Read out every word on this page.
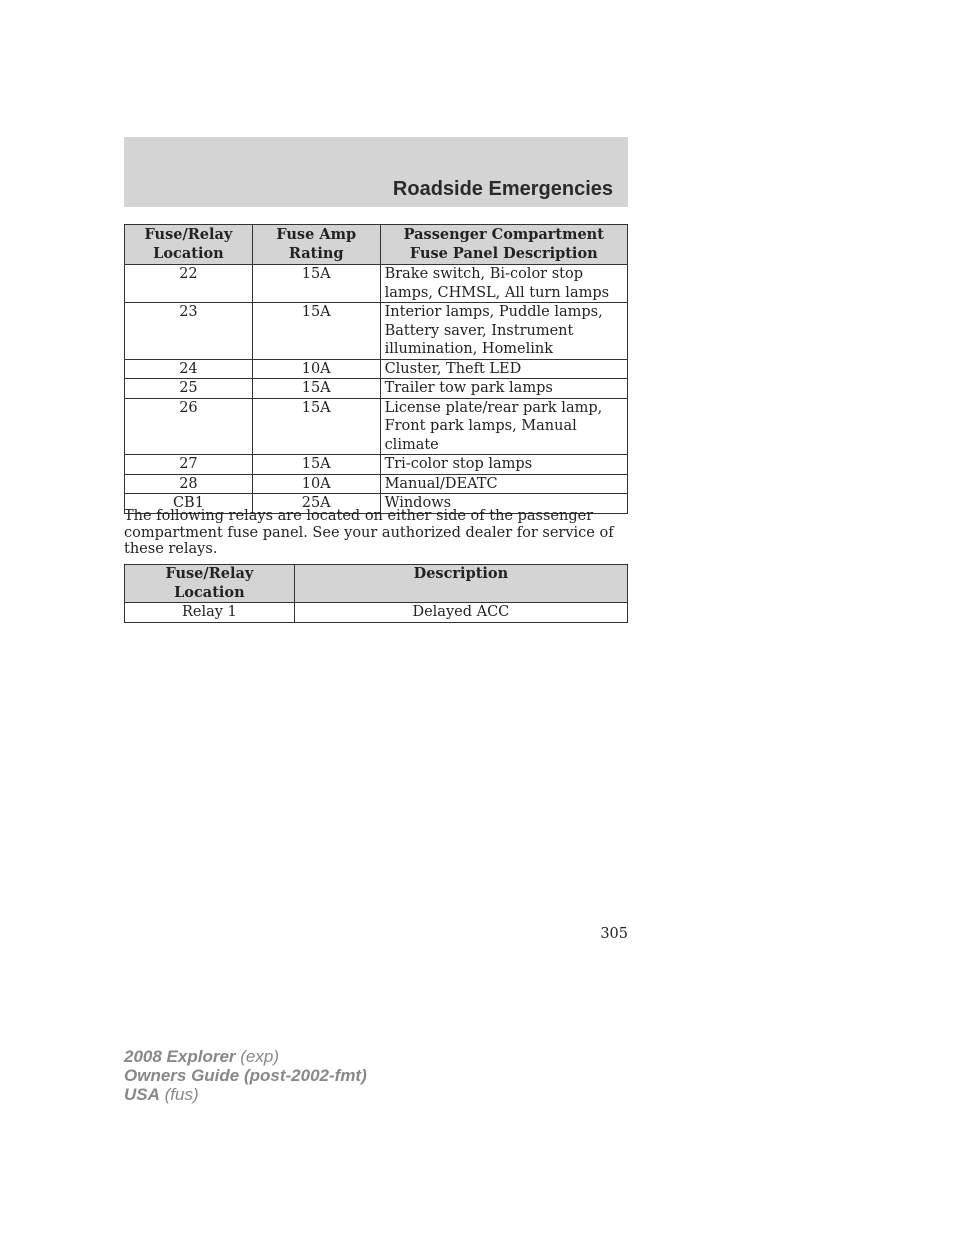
Roadside Emergencies
Fuse/Relay Location	Fuse Amp Rating	Passenger Compartment Fuse Panel Description
22	15A	Brake switch, Bi-color stop lamps, CHMSL, All turn lamps
23	15A	Interior lamps, Puddle lamps, Battery saver, Instrument illumination, Homelink
24	10A	Cluster, Theft LED
25	15A	Trailer tow park lamps
26	15A	License plate/rear park lamp, Front park lamps, Manual climate
27	15A	Tri-color stop lamps
28	10A	Manual/DEATC
CB1	25A	Windows

The following relays are located on either side of the passenger compartment fuse panel. See your authorized dealer for service of these relays.

Fuse/Relay Location	Description
Relay 1	Delayed ACC
305
2008 Explorer (exp)
Owners Guide (post-2002-fmt)
USA (fus)
